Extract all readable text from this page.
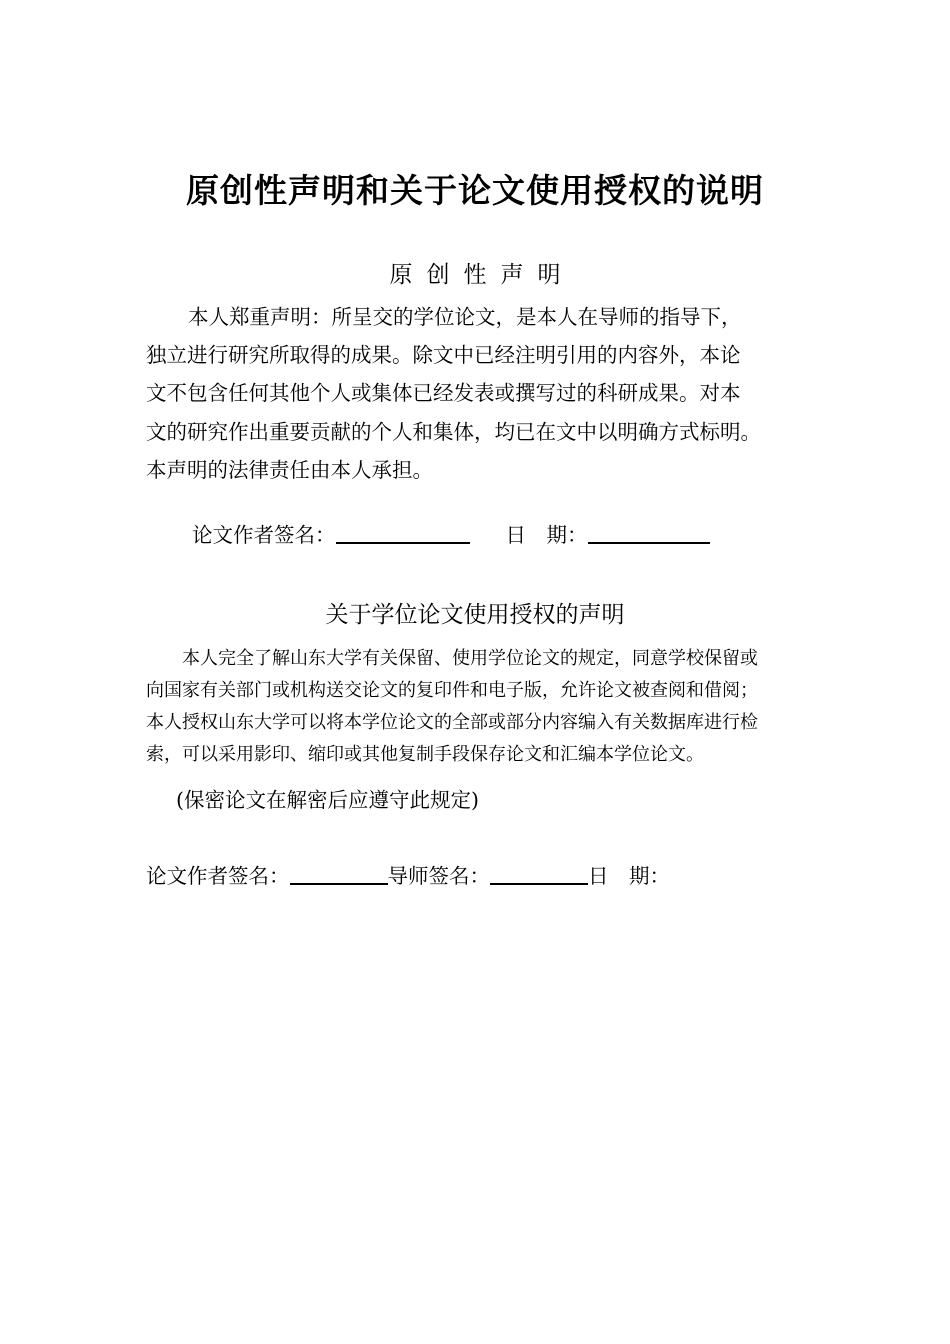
原创性声明和关于论文使用授权的说明
原创性声明
本人郑重声明：所呈交的学位论文，是本人在导师的指导下，
独立进行研究所取得的成果。除文中已经注明引用的内容外，本论
文不包含任何其他个人或集体已经发表或撰写过的科研成果。对本
文的研究作出重要贡献的个人和集体，均已在文中以明确方式标明。
本声明的法律责任由本人承担。
论文作者签名：	日　期：
关于学位论文使用授权的声明
本人完全了解山东大学有关保留、使用学位论文的规定，同意学校保留或
向国家有关部门或机构送交论文的复印件和电子版，允许论文被查阅和借阅；
本人授权山东大学可以将本学位论文的全部或部分内容编入有关数据库进行检
索，可以采用影印、缩印或其他复制手段保存论文和汇编本学位论文。
(保密论文在解密后应遵守此规定)
论文作者签名：	导师签名：	日　期：
